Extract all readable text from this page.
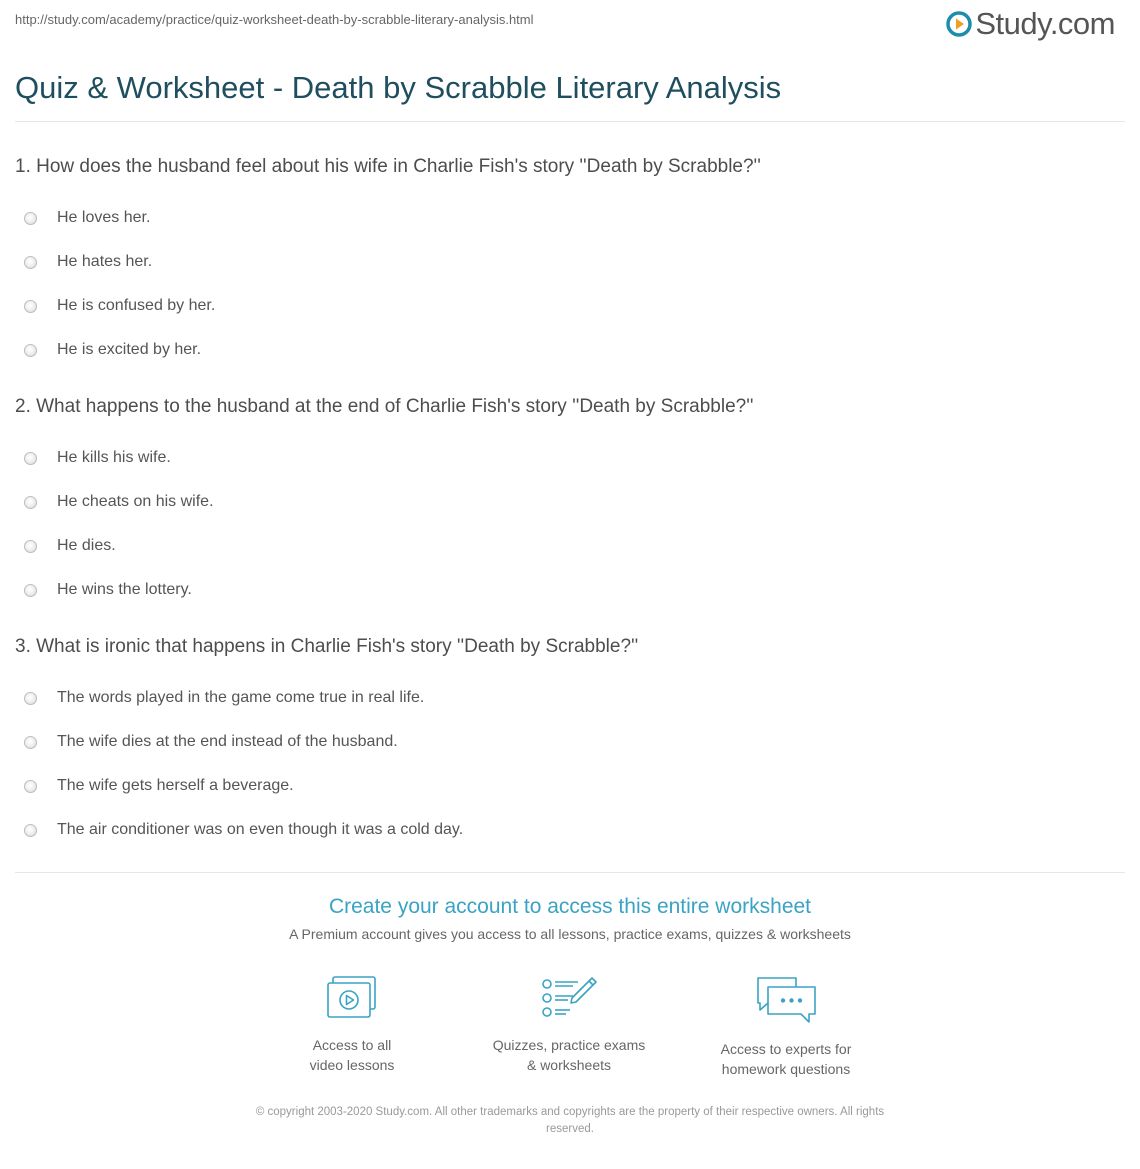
http://study.com/academy/practice/quiz-worksheet-death-by-scrabble-literary-analysis.html	Study.com
Quiz & Worksheet - Death by Scrabble Literary Analysis

1. How does the husband feel about his wife in Charlie Fish's story ''Death by Scrabble?''

He loves her.
He hates her.
He is confused by her.
He is excited by her.

2. What happens to the husband at the end of Charlie Fish's story ''Death by Scrabble?''

He kills his wife.
He cheats on his wife.
He dies.
He wins the lottery.

3. What is ironic that happens in Charlie Fish's story ''Death by Scrabble?''

The words played in the game come true in real life.
The wife dies at the end instead of the husband.
The wife gets herself a beverage.
The air conditioner was on even though it was a cold day.
Create your account to access this entire worksheet
A Premium account gives you access to all lessons, practice exams, quizzes & worksheets
Access to all
video lessons
Quizzes, practice exams
& worksheets
Access to experts for
homework questions
© copyright 2003-2020 Study.com. All other trademarks and copyrights are the property of their respective owners. All rights
reserved.
